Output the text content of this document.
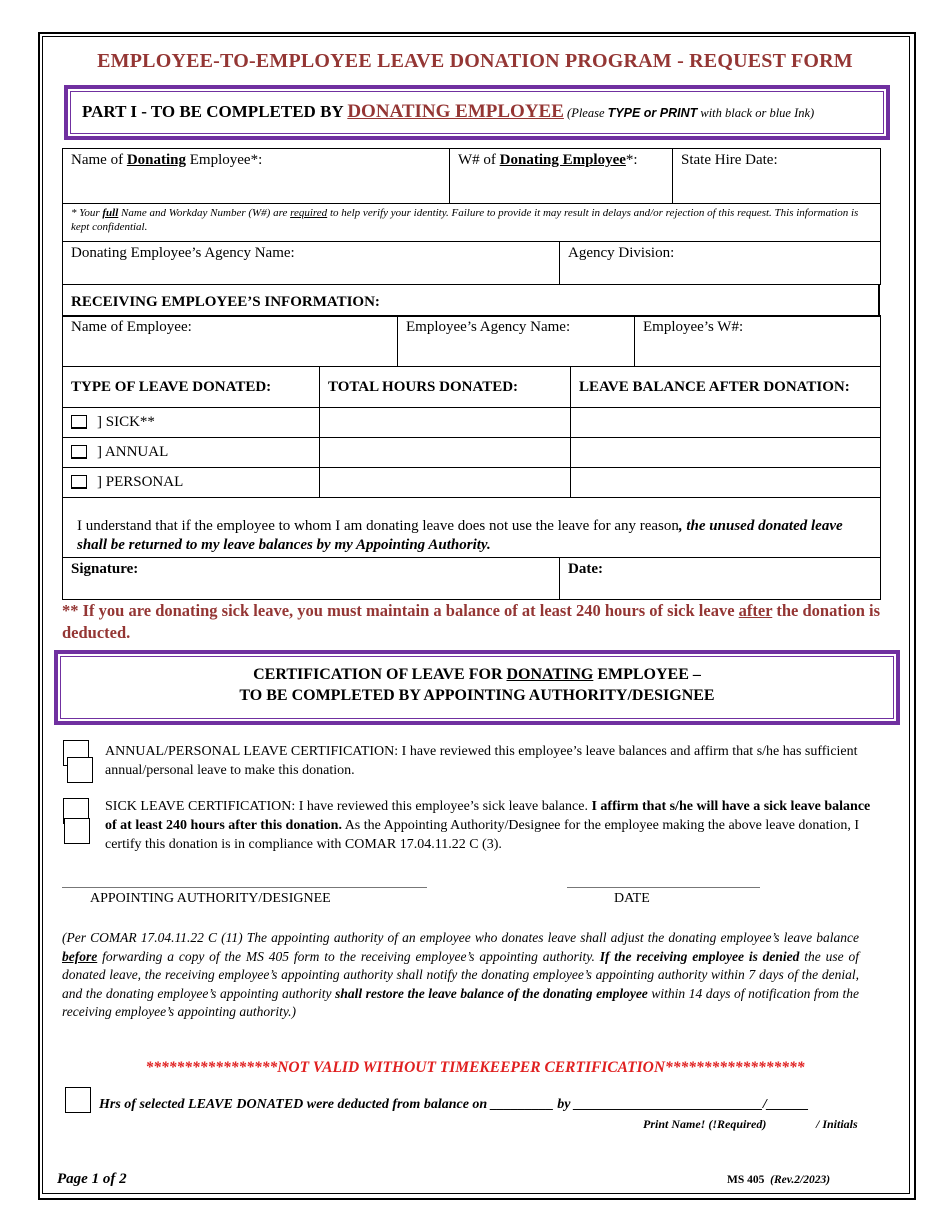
EMPLOYEE-TO-EMPLOYEE LEAVE DONATION PROGRAM - REQUEST FORM
PART I - TO BE COMPLETED BY DONATING EMPLOYEE (Please TYPE or PRINT with black or blue Ink)
Name of Donating Employee*:	W# of Donating Employee*:	State Hire Date:
* Your full Name and Workday Number (W#) are required to help verify your identity. Failure to provide it may result in delays and/or rejection of this request. This information is kept confidential.
Donating Employee’s Agency Name:	Agency Division:
RECEIVING EMPLOYEE’S INFORMATION:
Name of Employee:	Employee’s Agency Name:	Employee’s W#:
TYPE OF LEAVE DONATED:	TOTAL HOURS DONATED:	LEAVE BALANCE AFTER DONATION:
] SICK**		
] ANNUAL		
] PERSONAL		
I understand that if the employee to whom I am donating leave does not use the leave for any reason, the unused donated leave shall be returned to my leave balances by my Appointing Authority.		
Signature:	Date:
** If you are donating sick leave, you must maintain a balance of at least 240 hours of sick leave after the donation is deducted.
CERTIFICATION OF LEAVE FOR DONATING EMPLOYEE –
TO BE COMPLETED BY APPOINTING AUTHORITY/DESIGNEE
ANNUAL/PERSONAL LEAVE CERTIFICATION: I have reviewed this employee’s leave balances and affirm that s/he has sufficient annual/personal leave to make this donation.
SICK LEAVE CERTIFICATION: I have reviewed this employee’s sick leave balance. I affirm that s/he will have a sick leave balance of at least 240 hours after this donation. As the Appointing Authority/Designee for the employee making the above leave donation, I certify this donation is in compliance with COMAR 17.04.11.22 C (3).
APPOINTING AUTHORITY/DESIGNEE	DATE
(Per COMAR 17.04.11.22 C (11) The appointing authority of an employee who donates leave shall adjust the donating employee’s leave balance before forwarding a copy of the MS 405 form to the receiving employee’s appointing authority. If the receiving employee is denied the use of donated leave, the receiving employee’s appointing authority shall notify the donating employee’s appointing authority within 7 days of the denial, and the donating employee’s appointing authority shall restore the leave balance of the donating employee within 14 days of notification from the receiving employee’s appointing authority.)
*****************NOT VALID WITHOUT TIMEKEEPER CERTIFICATION******************
Hrs of selected LEAVE DONATED were deducted from balance on _________ by ___________________________/______
Print Name! (!Required)	/ Initials
Page 1 of 2	MS 405 (Rev.2/2023)
